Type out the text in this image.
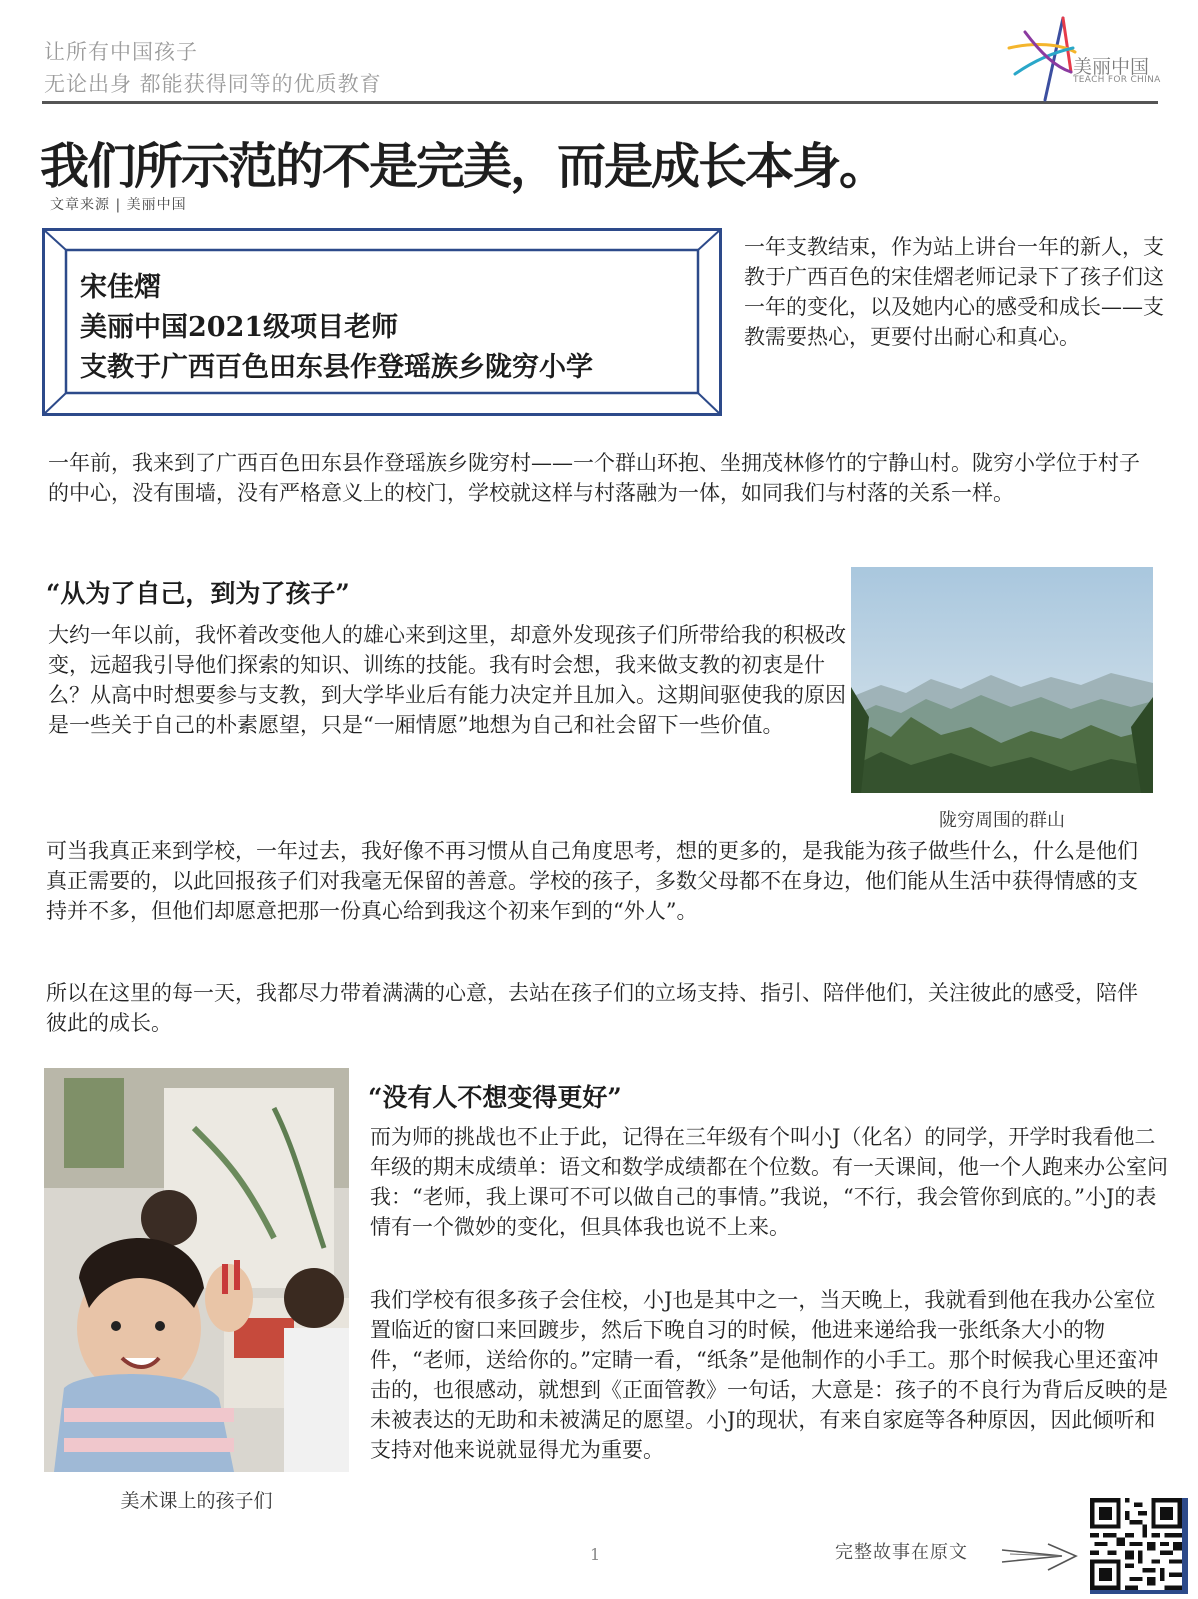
让所有中国孩子
无论出身 都能获得同等的优质教育
美丽中国
TEACH FOR CHINA
我们所示范的不是完美，而是成长本身。
文章来源 | 美丽中国
宋佳熠
美丽中国2021级项目老师
支教于广西百色田东县作登瑶族乡陇穷小学
一年支教结束，作为站上讲台一年的新人，支教于广西百色的宋佳熠老师记录下了孩子们这一年的变化，以及她内心的感受和成长——支教需要热心，更要付出耐心和真心。
一年前，我来到了广西百色田东县作登瑶族乡陇穷村——一个群山环抱、坐拥茂林修竹的宁静山村。陇穷小学位于村子的中心，没有围墙，没有严格意义上的校门，学校就这样与村落融为一体，如同我们与村落的关系一样。
“从为了自己，到为了孩子”
大约一年以前，我怀着改变他人的雄心来到这里，却意外发现孩子们所带给我的积极改变，远超我引导他们探索的知识、训练的技能。我有时会想，我来做支教的初衷是什么？从高中时想要参与支教，到大学毕业后有能力决定并且加入。这期间驱使我的原因是一些关于自己的朴素愿望，只是“一厢情愿”地想为自己和社会留下一些价值。
陇穷周围的群山
可当我真正来到学校，一年过去，我好像不再习惯从自己角度思考，想的更多的，是我能为孩子做些什么，什么是他们真正需要的，以此回报孩子们对我毫无保留的善意。学校的孩子，多数父母都不在身边，他们能从生活中获得情感的支持并不多，但他们却愿意把那一份真心给到我这个初来乍到的“外人”。
所以在这里的每一天，我都尽力带着满满的心意，去站在孩子们的立场支持、指引、陪伴他们，关注彼此的感受，陪伴彼此的成长。
美术课上的孩子们
“没有人不想变得更好”
而为师的挑战也不止于此，记得在三年级有个叫小J（化名）的同学，开学时我看他二年级的期末成绩单：语文和数学成绩都在个位数。有一天课间，他一个人跑来办公室问我：“老师，我上课可不可以做自己的事情。”我说，“不行，我会管你到底的。”小J的表情有一个微妙的变化，但具体我也说不上来。
我们学校有很多孩子会住校，小J也是其中之一，当天晚上，我就看到他在我办公室位置临近的窗口来回踱步，然后下晚自习的时候，他进来递给我一张纸条大小的物件，“老师，送给你的。”定睛一看，“纸条”是他制作的小手工。那个时候我心里还蛮冲击的，也很感动，就想到《正面管教》一句话，大意是：孩子的不良行为背后反映的是未被表达的无助和未被满足的愿望。小J的现状，有来自家庭等各种原因，因此倾听和支持对他来说就显得尤为重要。
1	完整故事在原文
